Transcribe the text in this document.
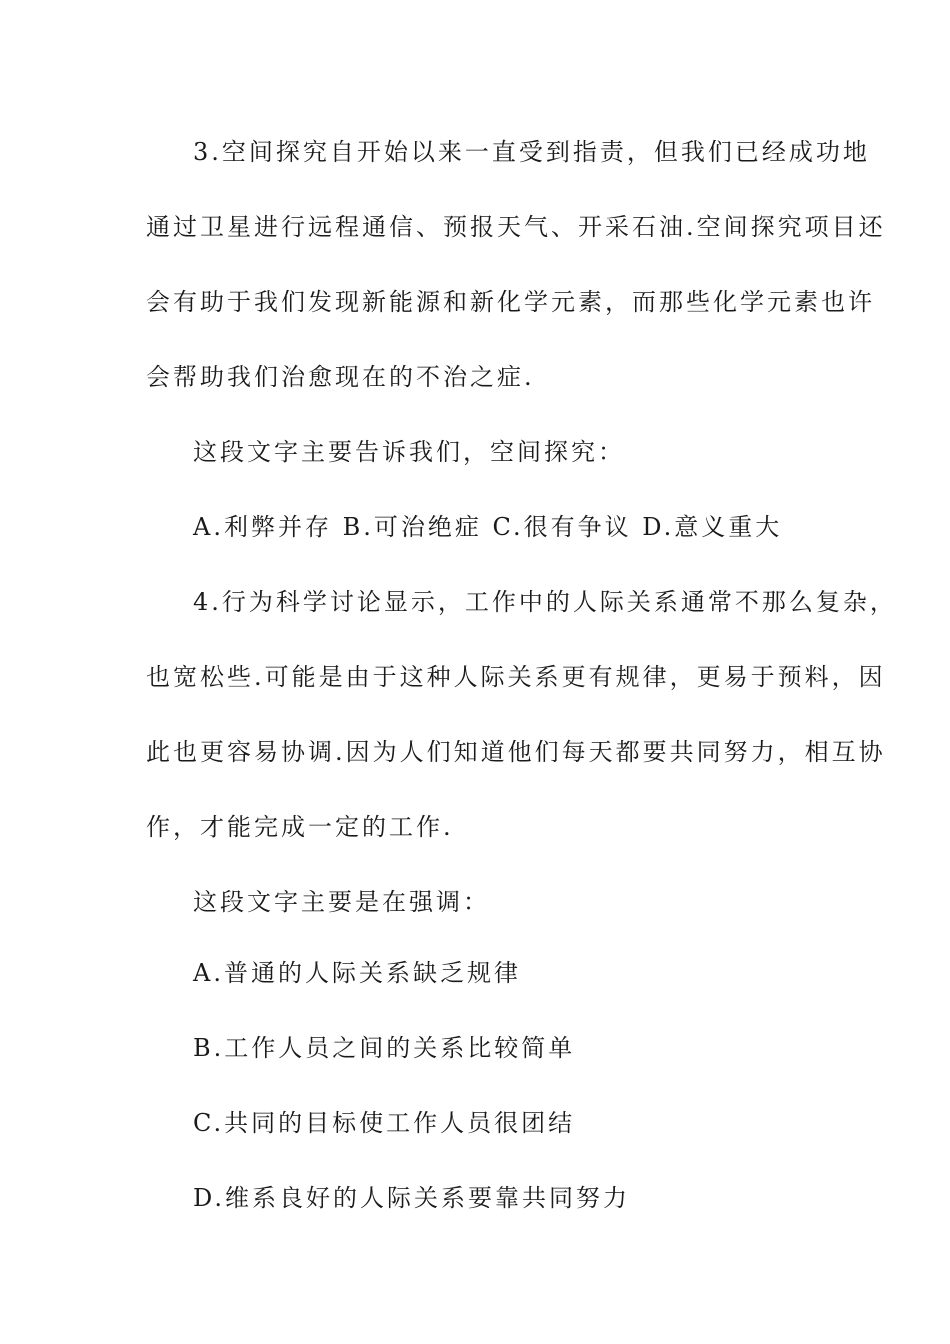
3.空间探究自开始以来一直受到指责，但我们已经成功地
通过卫星进行远程通信、预报天气、开采石油.空间探究项目还
会有助于我们发现新能源和新化学元素，而那些化学元素也许
会帮助我们治愈现在的不治之症.
这段文字主要告诉我们，空间探究：
A.利弊并存 B.可治绝症 C.很有争议 D.意义重大
4.行为科学讨论显示，工作中的人际关系通常不那么复杂，
也宽松些.可能是由于这种人际关系更有规律，更易于预料，因
此也更容易协调.因为人们知道他们每天都要共同努力，相互协
作，才能完成一定的工作.
这段文字主要是在强调：
A.普通的人际关系缺乏规律
B.工作人员之间的关系比较简单
C.共同的目标使工作人员很团结
D.维系良好的人际关系要靠共同努力
